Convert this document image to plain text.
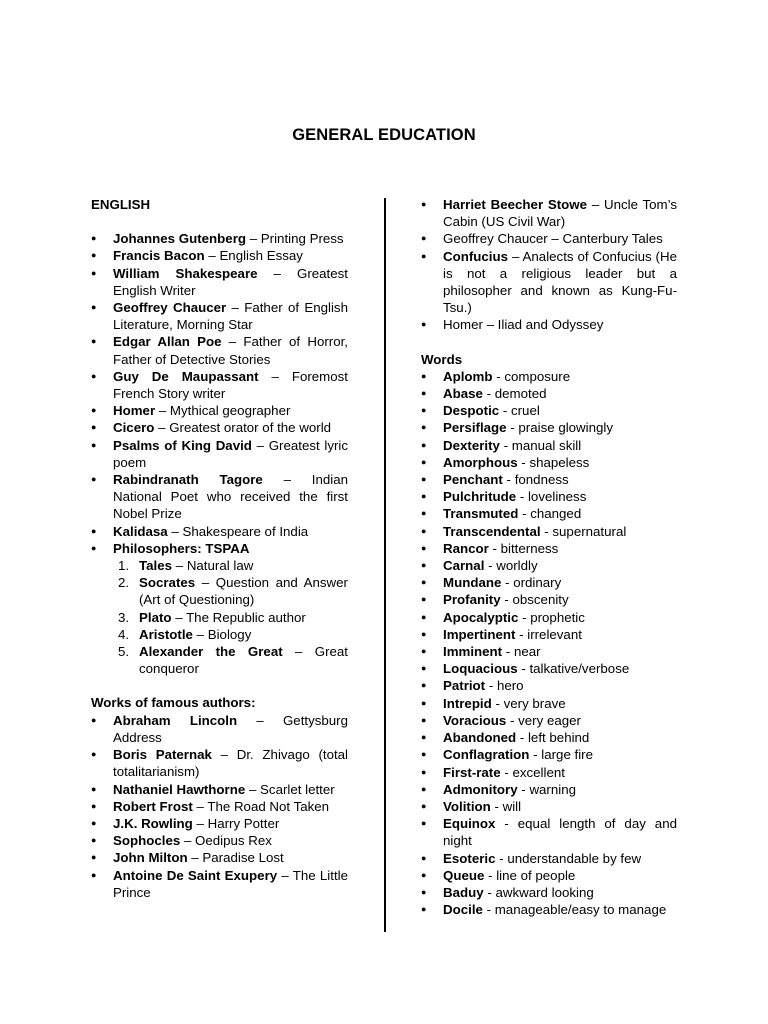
GENERAL EDUCATION
ENGLISH
● Johannes Gutenberg – Printing Press
● Francis Bacon – English Essay
● William Shakespeare – Greatest English Writer
● Geoffrey Chaucer – Father of English Literature, Morning Star
● Edgar Allan Poe – Father of Horror, Father of Detective Stories
● Guy De Maupassant – Foremost French Story writer
● Homer – Mythical geographer
● Cicero – Greatest orator of the world
● Psalms of King David – Greatest lyric poem
● Rabindranath Tagore – Indian National Poet who received the first Nobel Prize
● Kalidasa – Shakespeare of India
● Philosophers: TSPAA
1. Tales – Natural law
2. Socrates – Question and Answer (Art of Questioning)
3. Plato – The Republic author
4. Aristotle – Biology
5. Alexander the Great – Great conqueror
Works of famous authors:
● Abraham Lincoln – Gettysburg Address
● Boris Paternak – Dr. Zhivago (total totalitarianism)
● Nathaniel Hawthorne – Scarlet letter
● Robert Frost – The Road Not Taken
● J.K. Rowling – Harry Potter
● Sophocles – Oedipus Rex
● John Milton – Paradise Lost
● Antoine De Saint Exupery – The Little Prince
● Harriet Beecher Stowe – Uncle Tom’s Cabin (US Civil War)
● Geoffrey Chaucer – Canterbury Tales
● Confucius – Analects of Confucius (He is not a religious leader but a philosopher and known as Kung-Fu-Tsu.)
● Homer – Iliad and Odyssey
Words
● Aplomb - composure
● Abase - demoted
● Despotic - cruel
● Persiflage - praise glowingly
● Dexterity - manual skill
● Amorphous - shapeless
● Penchant - fondness
● Pulchritude - loveliness
● Transmuted - changed
● Transcendental - supernatural
● Rancor - bitterness
● Carnal - worldly
● Mundane - ordinary
● Profanity - obscenity
● Apocalyptic - prophetic
● Impertinent - irrelevant
● Imminent - near
● Loquacious - talkative/verbose
● Patriot - hero
● Intrepid - very brave
● Voracious - very eager
● Abandoned - left behind
● Conflagration - large fire
● First-rate - excellent
● Admonitory - warning
● Volition - will
● Equinox - equal length of day and night
● Esoteric - understandable by few
● Queue - line of people
● Baduy - awkward looking
● Docile - manageable/easy to manage
